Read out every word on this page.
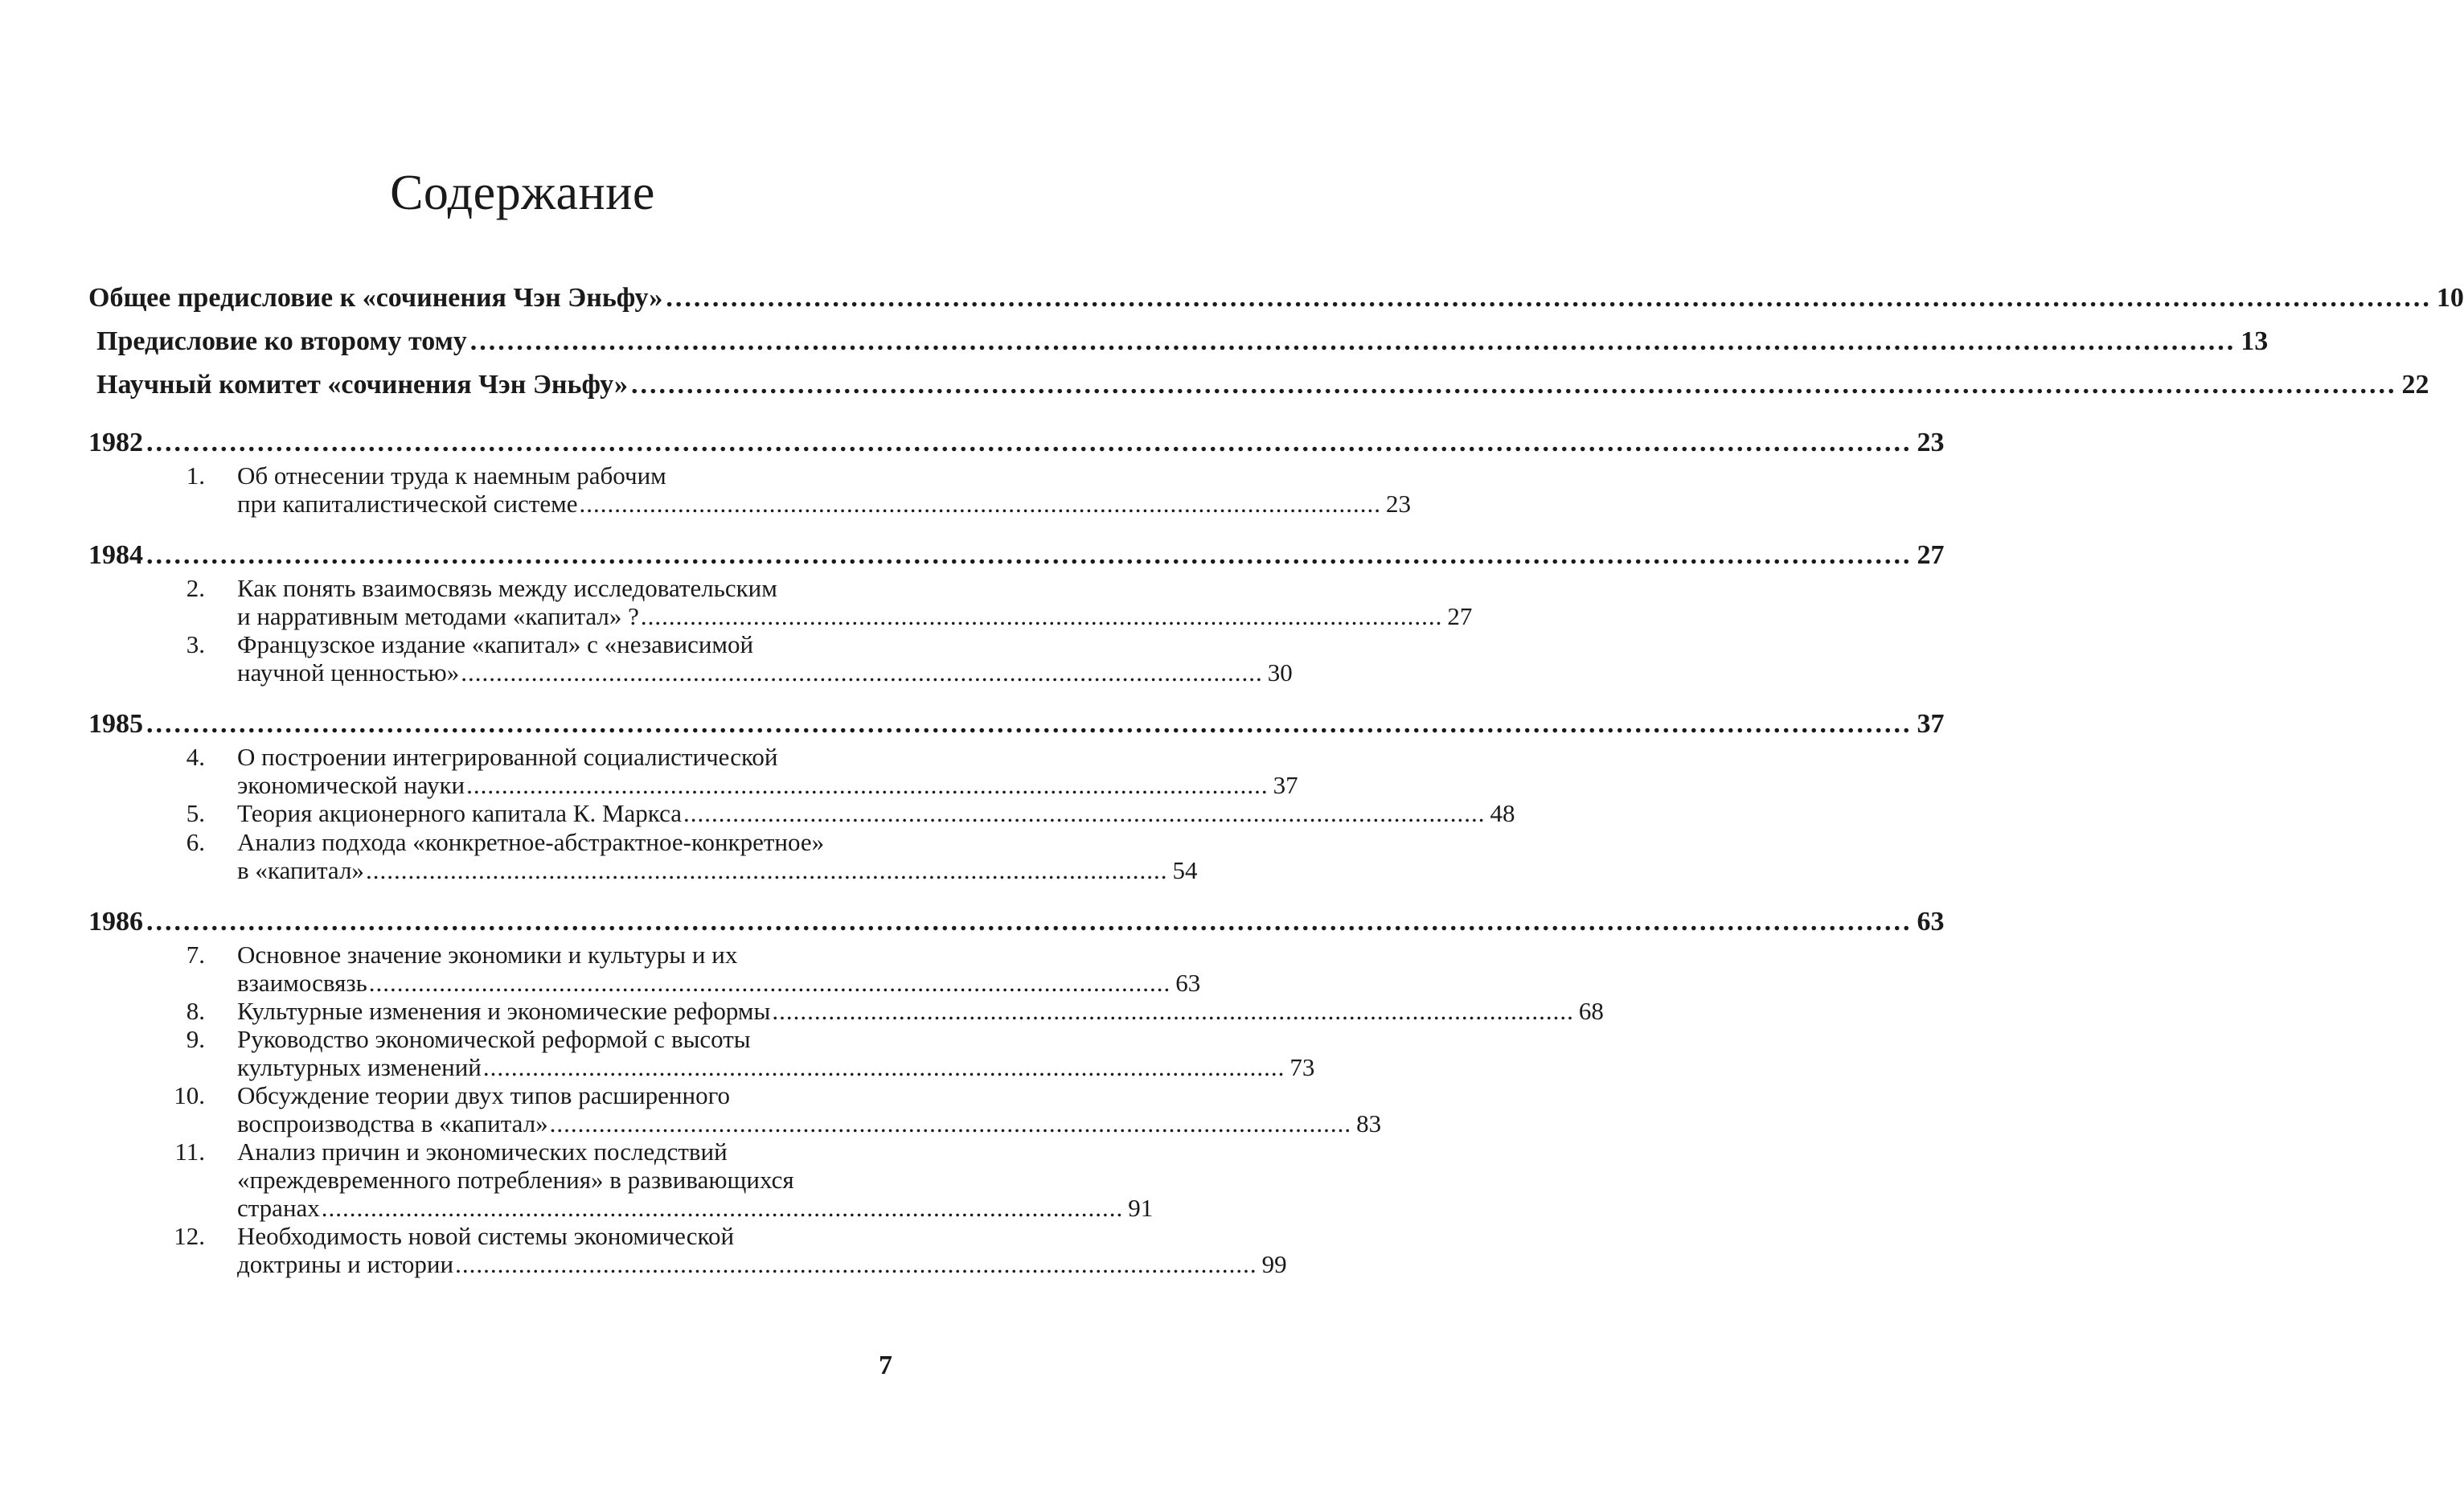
Содержание
Общее предисловие к «сочинения Чэн Эньфу» .....	10
Предисловие ко второму тому .....	13
Научный комитет «сочинения Чэн Эньфу» .....	22
1982 .....	23
1. Об отнесении труда к наемным рабочим
при капиталистической системе .................................................................................................................. 23
1984 .....	27
2. Как понять взаимосвязь между исследовательским
и нарративным методами «капитал» ? .................................................................................................................. 27
3. Французское издание «капитал» с «независимой
научной ценностью» .................................................................................................................. 30
1985 .....	37
4. О построении интегрированной социалистической
экономической науки .................................................................................................................. 37
5. Теория акционерного капитала К. Маркса .................................................................................................................. 48
6. Анализ подхода «конкретное-абстрактное-конкретное»
в «капитал» .................................................................................................................. 54
1986 .....	63
7. Основное значение экономики и культуры и их
взаимосвязь .................................................................................................................. 63
8. Культурные изменения и экономические реформы .................................................................................................................. 68
9. Руководство экономической реформой с высоты
культурных изменений .................................................................................................................. 73
10. Обсуждение теории двух типов расширенного
воспроизводства в «капитал» .................................................................................................................. 83
11. Анализ причин и экономических последствий
«преждевременного потребления» в развивающихся
странах .................................................................................................................. 91
12. Необходимость новой системы экономической
доктрины и истории .................................................................................................................. 99
7
